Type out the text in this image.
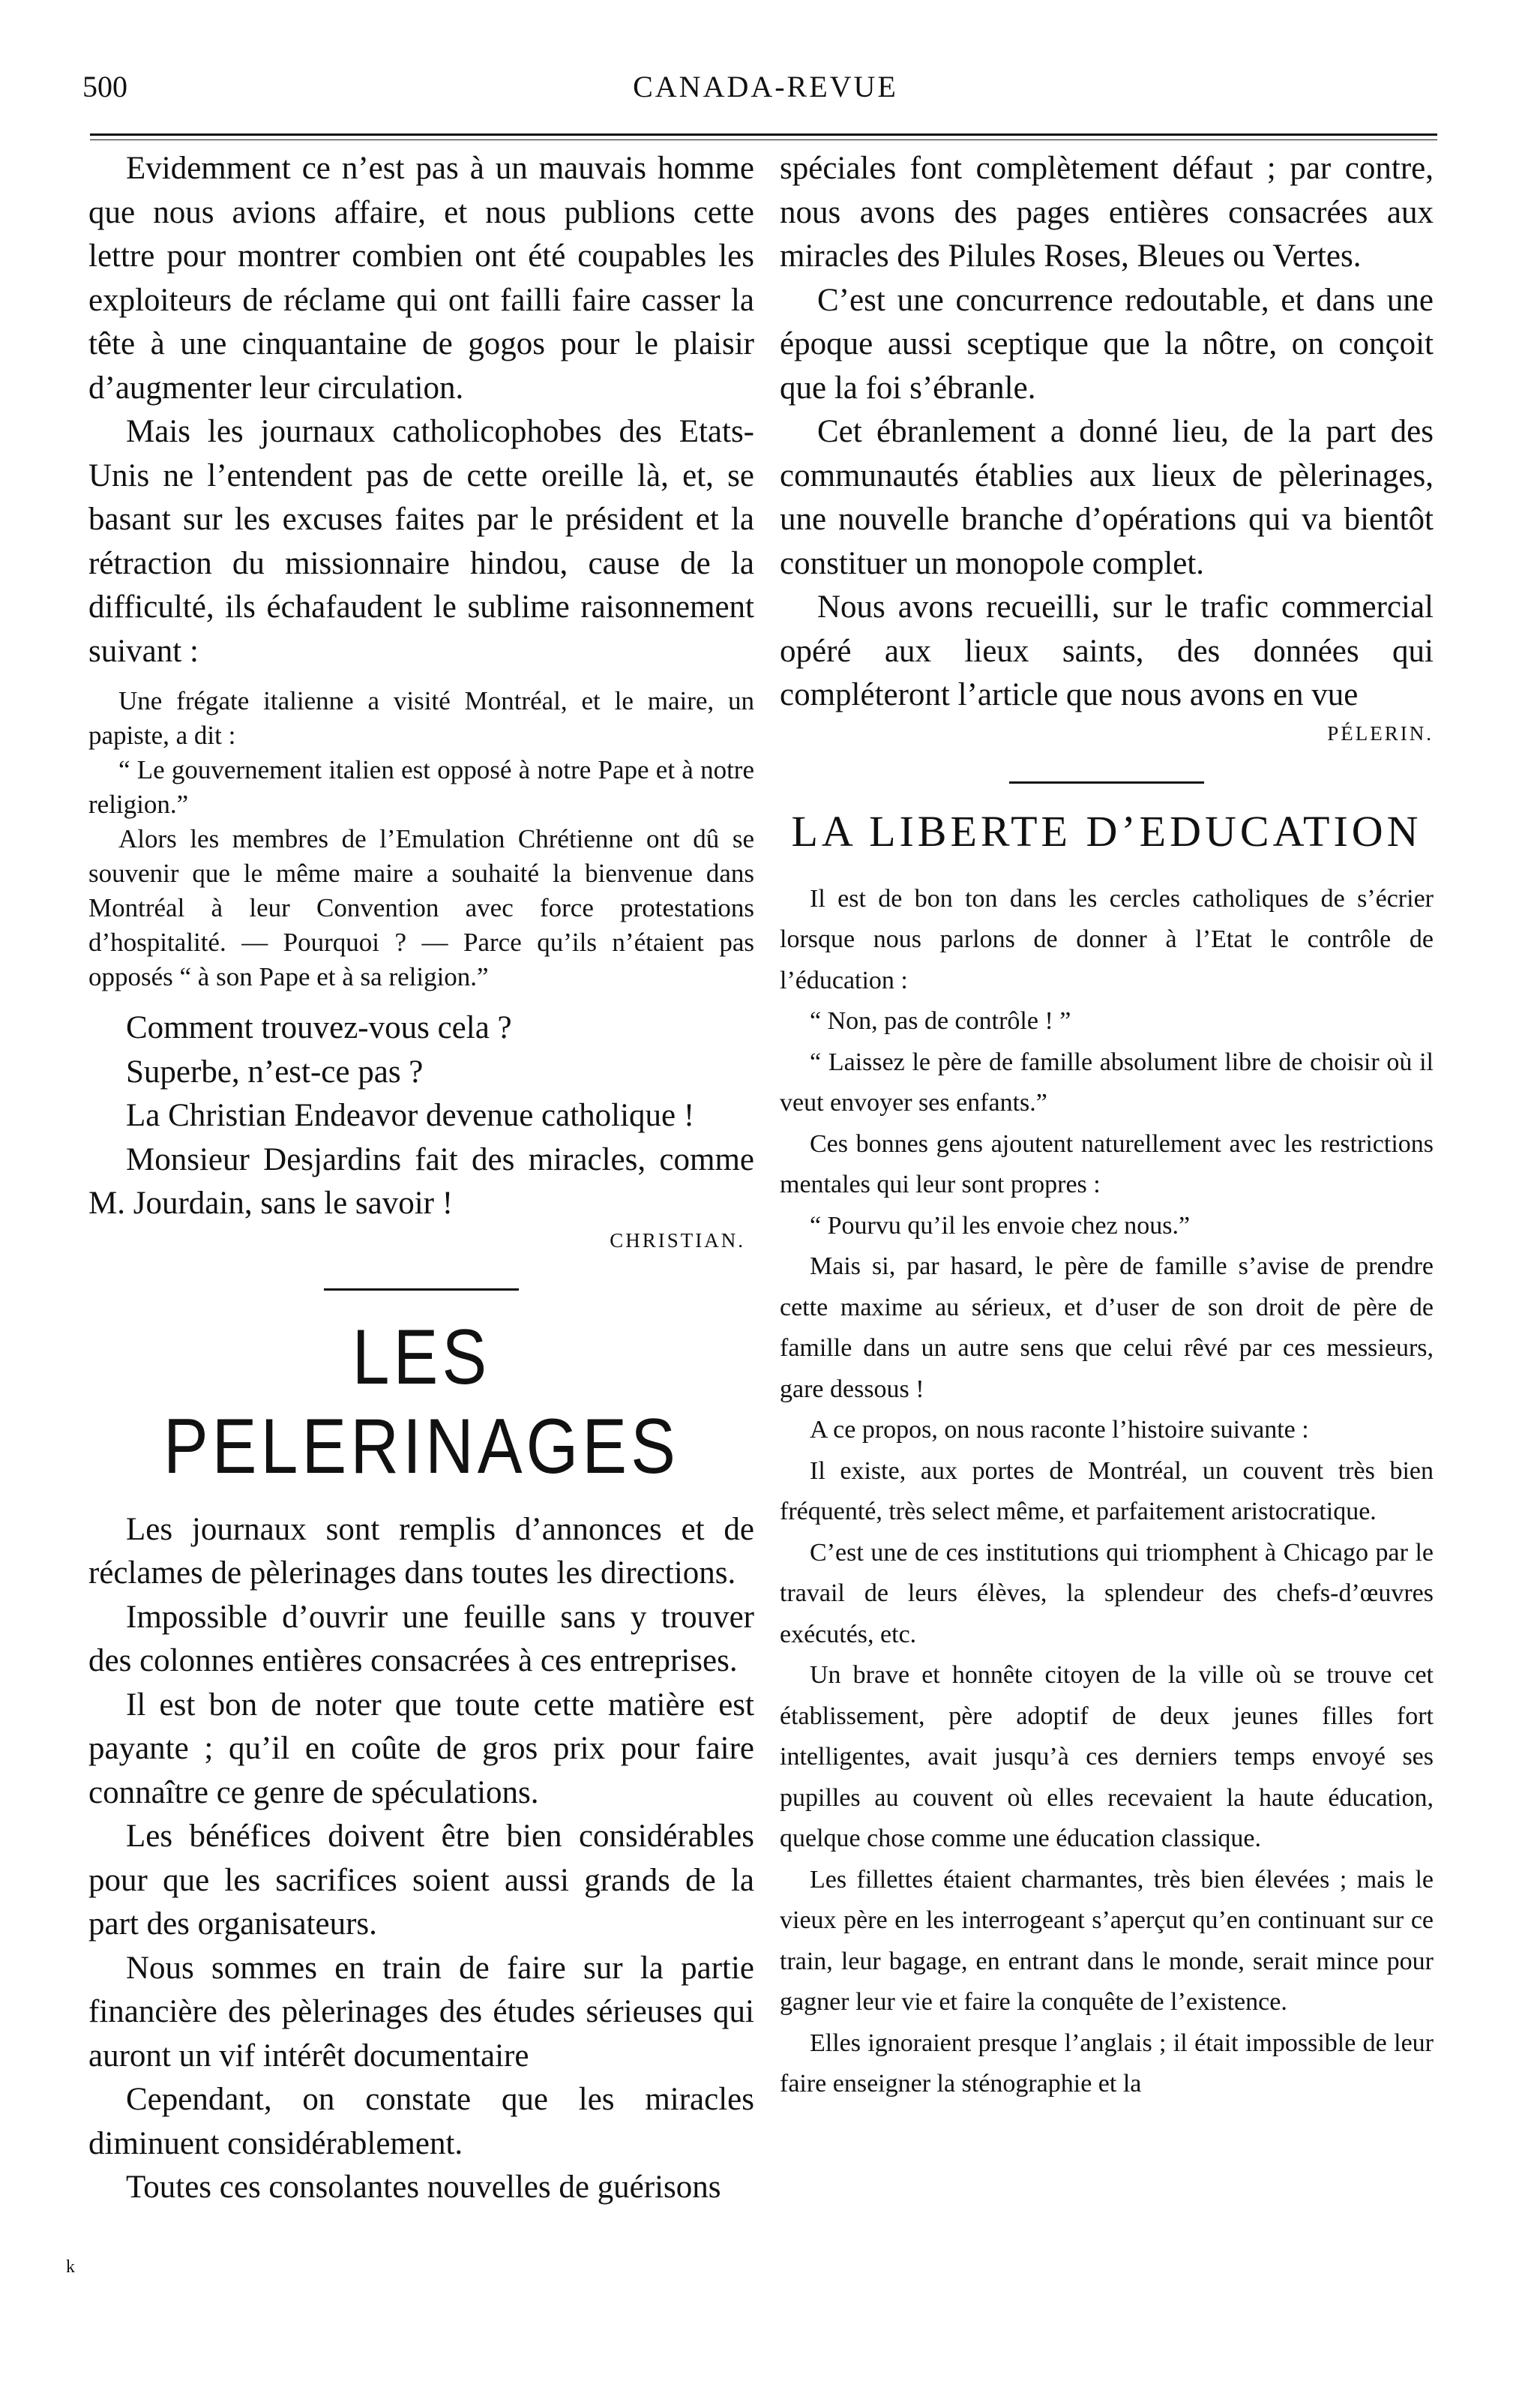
500	CANADA-REVUE

Evidemment ce n’est pas à un mauvais homme que nous avions affaire, et nous publions cette lettre pour montrer combien ont été coupables les exploiteurs de réclame qui ont failli faire casser la tête à une cinquantaine de gogos pour le plaisir d’augmenter leur circulation.

Mais les journaux catholicophobes des Etats-Unis ne l’entendent pas de cette oreille là, et, se basant sur les excuses faites par le président et la rétraction du missionnaire hindou, cause de la difficulté, ils échafaudent le sublime raisonnement suivant :

Une frégate italienne a visité Montréal, et le maire, un papiste, a dit :

“ Le gouvernement italien est opposé à notre Pape et à notre religion.”

Alors les membres de l’Emulation Chrétienne ont dû se souvenir que le même maire a souhaité la bienvenue dans Montréal à leur Convention avec force protestations d’hospitalité. — Pourquoi ? — Parce qu’ils n’étaient pas opposés “ à son Pape et à sa religion.”

Comment trouvez-vous cela ?

Superbe, n’est-ce pas ?

La Christian Endeavor devenue catholique !

Monsieur Desjardins fait des miracles, comme M. Jourdain, sans le savoir !

CHRISTIAN.
LES PELERINAGES

Les journaux sont remplis d’annonces et de réclames de pèlerinages dans toutes les directions.

Impossible d’ouvrir une feuille sans y trouver des colonnes entières consacrées à ces entreprises.

Il est bon de noter que toute cette matière est payante ; qu’il en coûte de gros prix pour faire connaître ce genre de spéculations.

Les bénéfices doivent être bien considérables pour que les sacrifices soient aussi grands de la part des organisateurs.

Nous sommes en train de faire sur la partie financière des pèlerinages des études sérieuses qui auront un vif intérêt documentaire

Cependant, on constate que les miracles diminuent considérablement.

Toutes ces consolantes nouvelles de guérisons

spéciales font complètement défaut ; par contre, nous avons des pages entières consacrées aux miracles des Pilules Roses, Bleues ou Vertes.

C’est une concurrence redoutable, et dans une époque aussi sceptique que la nôtre, on conçoit que la foi s’ébranle.

Cet ébranlement a donné lieu, de la part des communautés établies aux lieux de pèlerinages, une nouvelle branche d’opérations qui va bientôt constituer un monopole complet.

Nous avons recueilli, sur le trafic commercial opéré aux lieux saints, des données qui compléteront l’article que nous avons en vue

PÉLERIN.
LA LIBERTE D’EDUCATION

Il est de bon ton dans les cercles catholiques de s’écrier lorsque nous parlons de donner à l’Etat le contrôle de l’éducation :

“ Non, pas de contrôle ! ”

“ Laissez le père de famille absolument libre de choisir où il veut envoyer ses enfants.”

Ces bonnes gens ajoutent naturellement avec les restrictions mentales qui leur sont propres :

“ Pourvu qu’il les envoie chez nous.”

Mais si, par hasard, le père de famille s’avise de prendre cette maxime au sérieux, et d’user de son droit de père de famille dans un autre sens que celui rêvé par ces messieurs, gare dessous !

A ce propos, on nous raconte l’histoire suivante :

Il existe, aux portes de Montréal, un couvent très bien fréquenté, très select même, et parfaitement aristocratique.

C’est une de ces institutions qui triomphent à Chicago par le travail de leurs élèves, la splendeur des chefs-d’œuvres exécutés, etc.

Un brave et honnête citoyen de la ville où se trouve cet établissement, père adoptif de deux jeunes filles fort intelligentes, avait jusqu’à ces derniers temps envoyé ses pupilles au couvent où elles recevaient la haute éducation, quelque chose comme une éducation classique.

Les fillettes étaient charmantes, très bien élevées ; mais le vieux père en les interrogeant s’aperçut qu’en continuant sur ce train, leur bagage, en entrant dans le monde, serait mince pour gagner leur vie et faire la conquête de l’existence.

Elles ignoraient presque l’anglais ; il était impossible de leur faire enseigner la sténographie et la

k
